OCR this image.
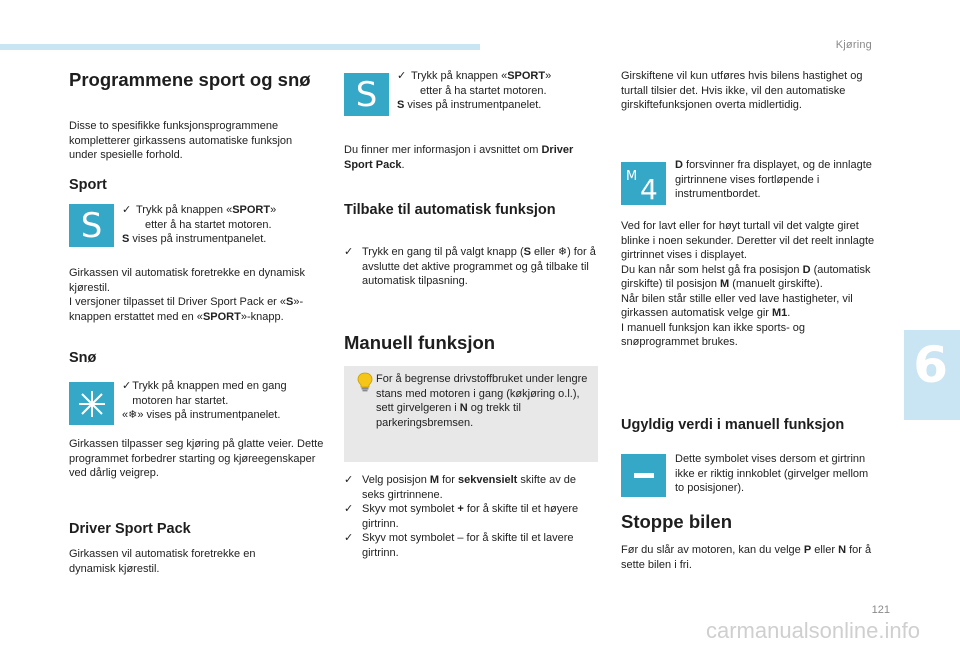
Kjøring
6
Programmene sport og snø
Disse to spesifikke funksjonsprogrammene kompletterer girkassens automatiske funksjon under spesielle forhold.
Sport
S ✓ Trykk på knappen «SPORT»
etter å ha startet motoren.
S vises på instrumentpanelet.
Girkassen vil automatisk foretrekke en dynamisk kjørestil.
I versjoner tilpasset til Driver Sport Pack er «S»-knappen erstattet med en «SPORT»-knapp.
Snø
✓ Trykk på knappen med en gang motoren har startet.
«❄» vises på instrumentpanelet.
Girkassen tilpasser seg kjøring på glatte veier. Dette programmet forbedrer starting og kjøreegenskaper ved dårlig veigrep.
Driver Sport Pack
Girkassen vil automatisk foretrekke en dynamisk kjørestil.
S ✓ Trykk på knappen «SPORT»
etter å ha startet motoren.
S vises på instrumentpanelet.
Du finner mer informasjon i avsnittet om Driver Sport Pack.
Tilbake til automatisk funksjon
✓ Trykk en gang til på valgt knapp (S eller ❄) for å avslutte det aktive programmet og gå tilbake til automatisk tilpasning.
Manuell funksjon
For å begrense drivstoffbruket under lengre stans med motoren i gang (køkjøring o.l.), sett girvelgeren i N og trekk til parkeringsbremsen.
✓ Velg posisjon M for sekvensielt skifte av de seks girtrinnene.
✓ Skyv mot symbolet + for å skifte til et høyere girtrinn.
✓ Skyv mot symbolet – for å skifte til et lavere girtrinn.
Girskiftene vil kun utføres hvis bilens hastighet og turtall tilsier det. Hvis ikke, vil den automatiske girskiftefunksjonen overta midlertidig.
M 4
D forsvinner fra displayet, og de innlagte girtrinnene vises fortløpende i instrumentbordet.
Ved for lavt eller for høyt turtall vil det valgte giret blinke i noen sekunder. Deretter vil det reelt innlagte girtrinnet vises i displayet.
Du kan når som helst gå fra posisjon D (automatisk girskifte) til posisjon M (manuelt girskifte).
Når bilen står stille eller ved lave hastigheter, vil girkassen automatisk velge gir M1.
I manuell funksjon kan ikke sports- og snøprogrammet brukes.
Ugyldig verdi i manuell funksjon
Dette symbolet vises dersom et girtrinn ikke er riktig innkoblet (girvelger mellom to posisjoner).
Stoppe bilen
Før du slår av motoren, kan du velge P eller N for å sette bilen i fri.
121
carmanualsonline.info
